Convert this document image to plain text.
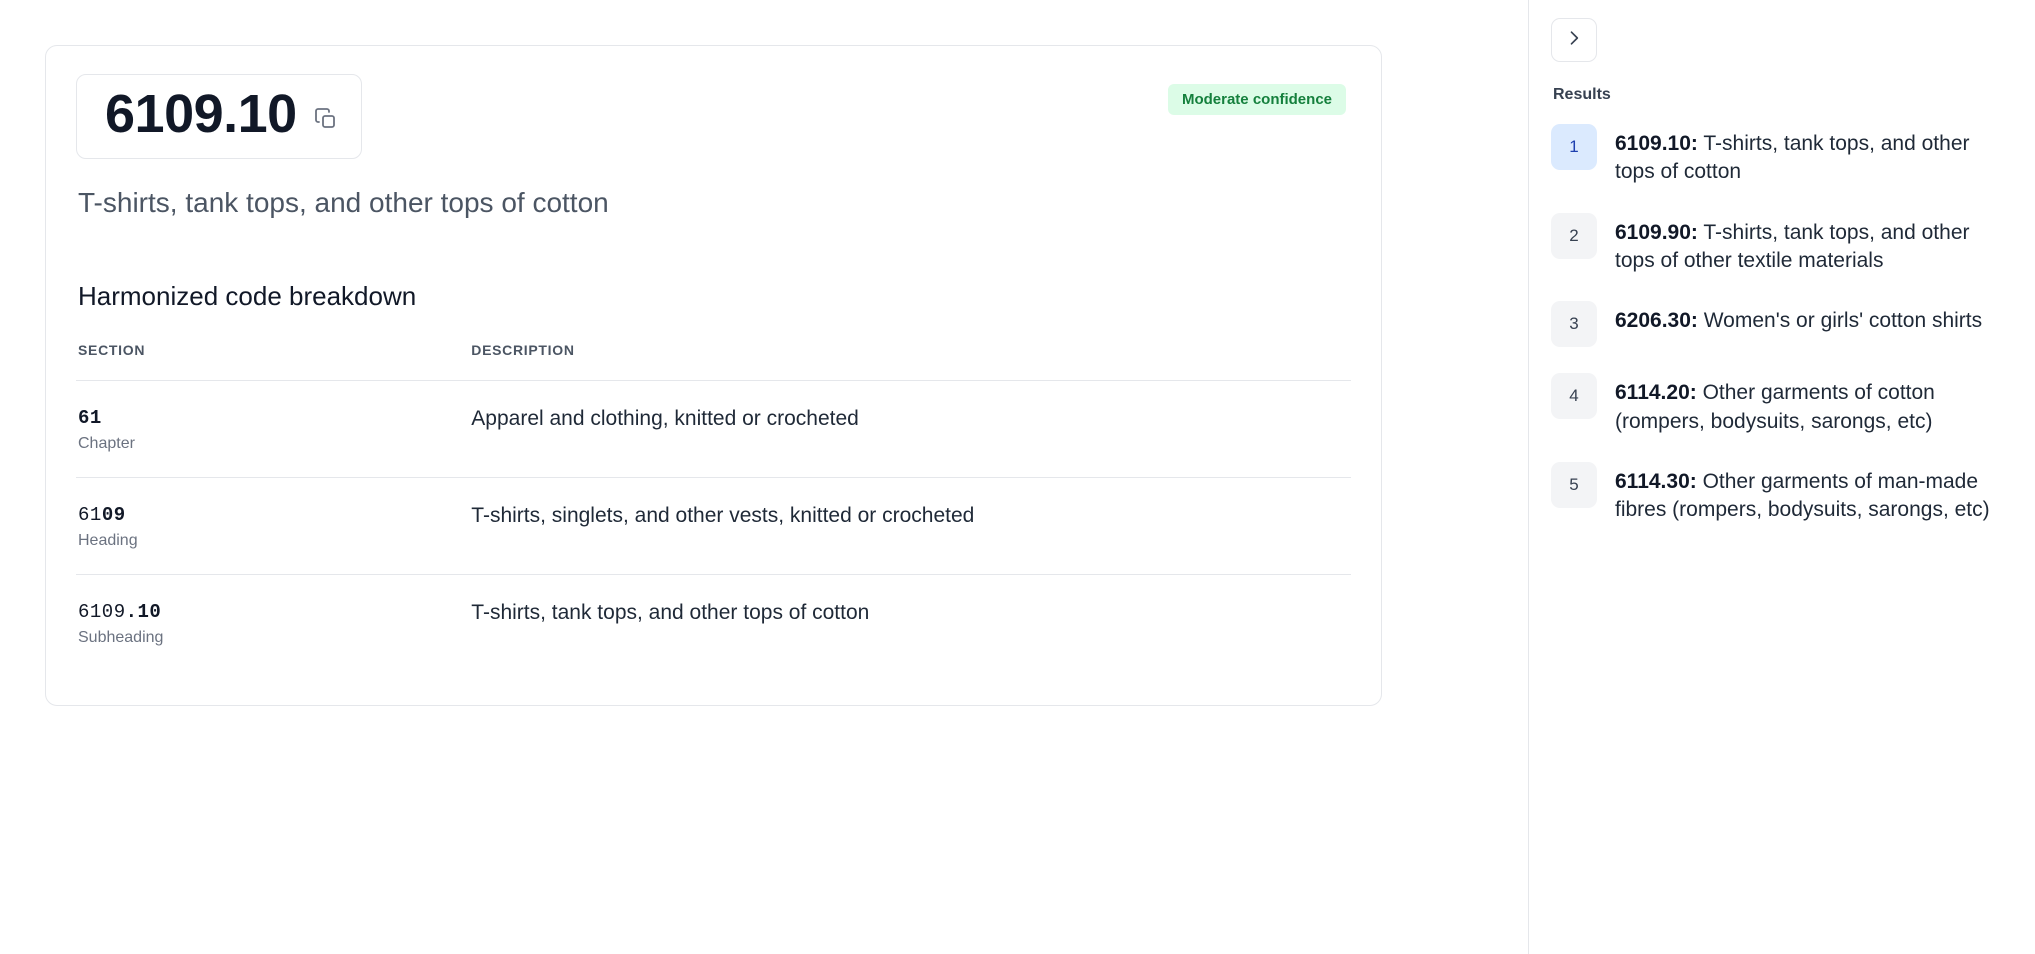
6109.10	Moderate confidence
T-shirts, tank tops, and other tops of cotton
Harmonized code breakdown
SECTION	DESCRIPTION

61
Chapter	Apparel and clothing, knitted or crocheted

6109
Heading	T-shirts, singlets, and other vests, knitted or crocheted

6109.10
Subheading	T-shirts, tank tops, and other tops of cotton
Results
1	6109.10: T-shirts, tank tops, and other tops of cotton
2	6109.90: T-shirts, tank tops, and other tops of other textile materials
3	6206.30: Women's or girls' cotton shirts
4	6114.20: Other garments of cotton (rompers, bodysuits, sarongs, etc)
5	6114.30: Other garments of man-made fibres (rompers, bodysuits, sarongs, etc)
